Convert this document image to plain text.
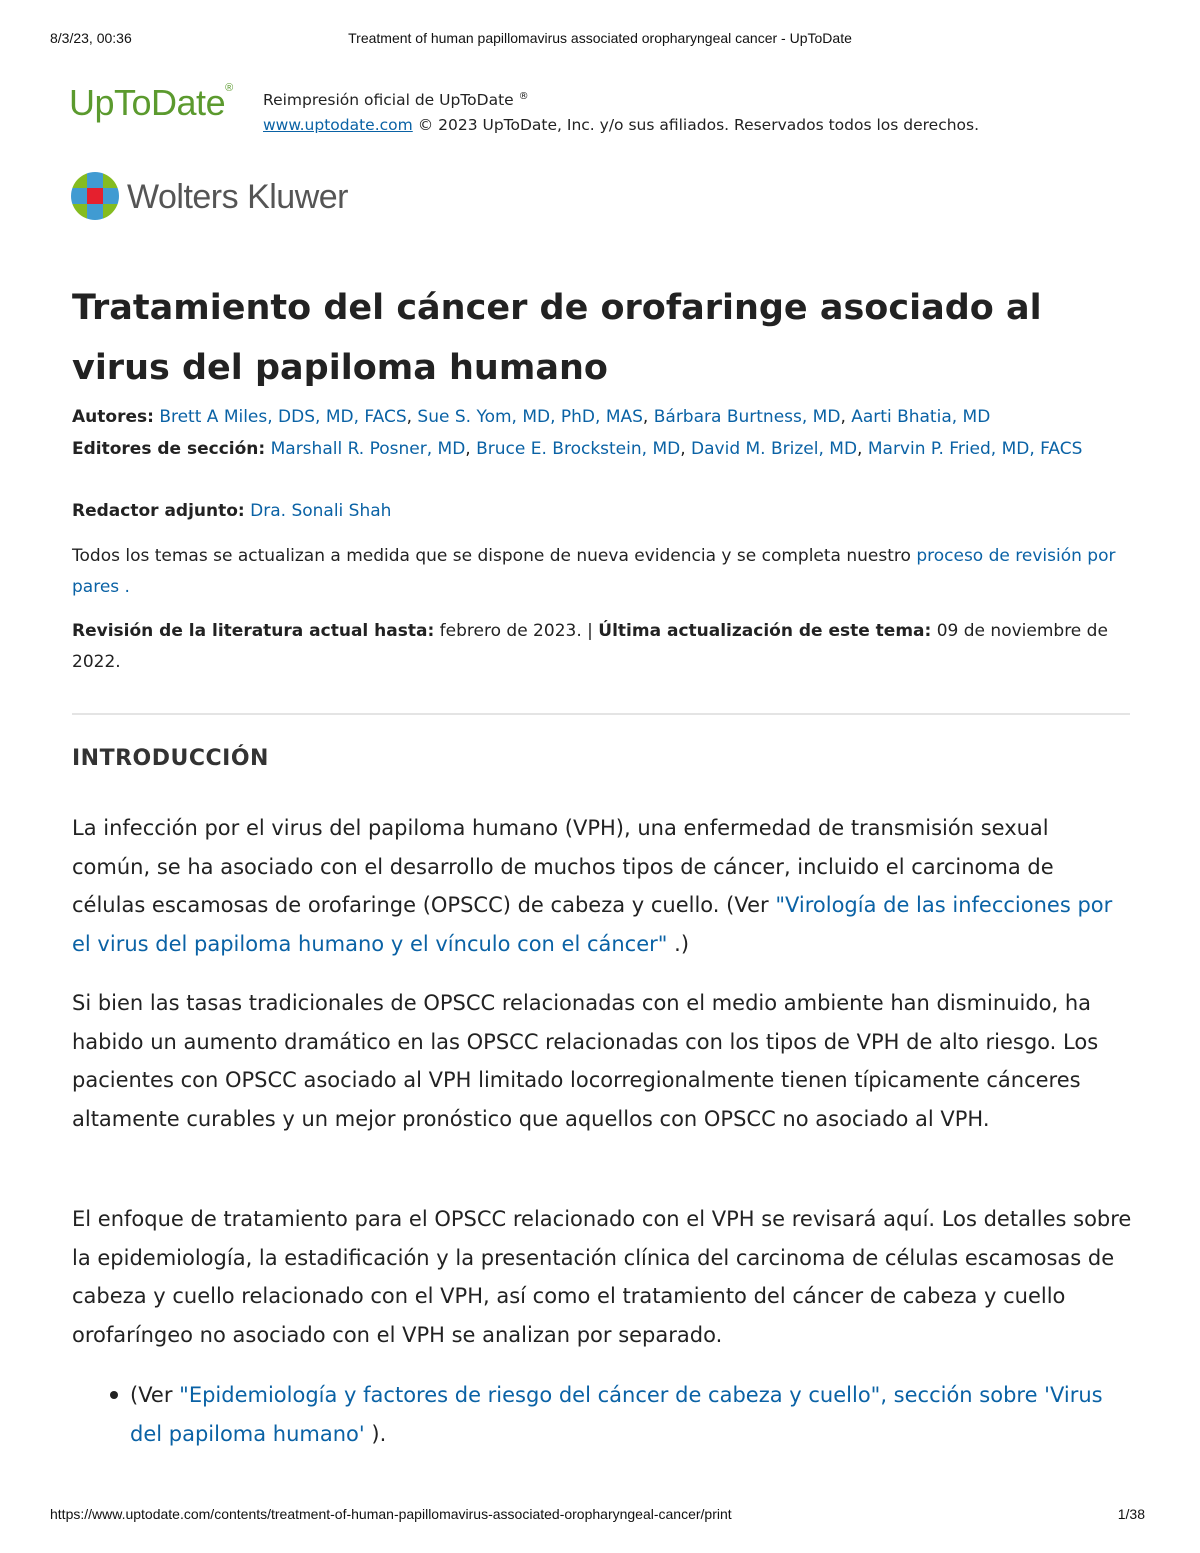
8/3/23, 00:36	Treatment of human papillomavirus associated oropharyngeal cancer - UpToDate
UpToDate®
Reimpresión oficial de UpToDate ®
www.uptodate.com © 2023 UpToDate, Inc. y/o sus afiliados. Reservados todos los derechos.
Wolters Kluwer
Tratamiento del cáncer de orofaringe asociado al virus del papiloma humano
Autores: Brett A Miles, DDS, MD, FACS, Sue S. Yom, MD, PhD, MAS, Bárbara Burtness, MD, Aarti Bhatia, MD
Editores de sección: Marshall R. Posner, MD, Bruce E. Brockstein, MD, David M. Brizel, MD, Marvin P. Fried, MD, FACS
Redactor adjunto: Dra. Sonali Shah
Todos los temas se actualizan a medida que se dispone de nueva evidencia y se completa nuestro proceso de revisión por pares .
Revisión de la literatura actual hasta: febrero de 2023. | Última actualización de este tema: 09 de noviembre de 2022.
INTRODUCCIÓN

La infección por el virus del papiloma humano (VPH), una enfermedad de transmisión sexual común, se ha asociado con el desarrollo de muchos tipos de cáncer, incluido el carcinoma de células escamosas de orofaringe (OPSCC) de cabeza y cuello. (Ver "Virología de las infecciones por el virus del papiloma humano y el vínculo con el cáncer" .)

Si bien las tasas tradicionales de OPSCC relacionadas con el medio ambiente han disminuido, ha habido un aumento dramático en las OPSCC relacionadas con los tipos de VPH de alto riesgo. Los pacientes con OPSCC asociado al VPH limitado locorregionalmente tienen típicamente cánceres altamente curables y un mejor pronóstico que aquellos con OPSCC no asociado al VPH.

El enfoque de tratamiento para el OPSCC relacionado con el VPH se revisará aquí. Los detalles sobre la epidemiología, la estadificación y la presentación clínica del carcinoma de células escamosas de cabeza y cuello relacionado con el VPH, así como el tratamiento del cáncer de cabeza y cuello orofaríngeo no asociado con el VPH se analizan por separado.

(Ver "Epidemiología y factores de riesgo del cáncer de cabeza y cuello", sección sobre 'Virus del papiloma humano' ).
https://www.uptodate.com/contents/treatment-of-human-papillomavirus-associated-oropharyngeal-cancer/print	1/38
